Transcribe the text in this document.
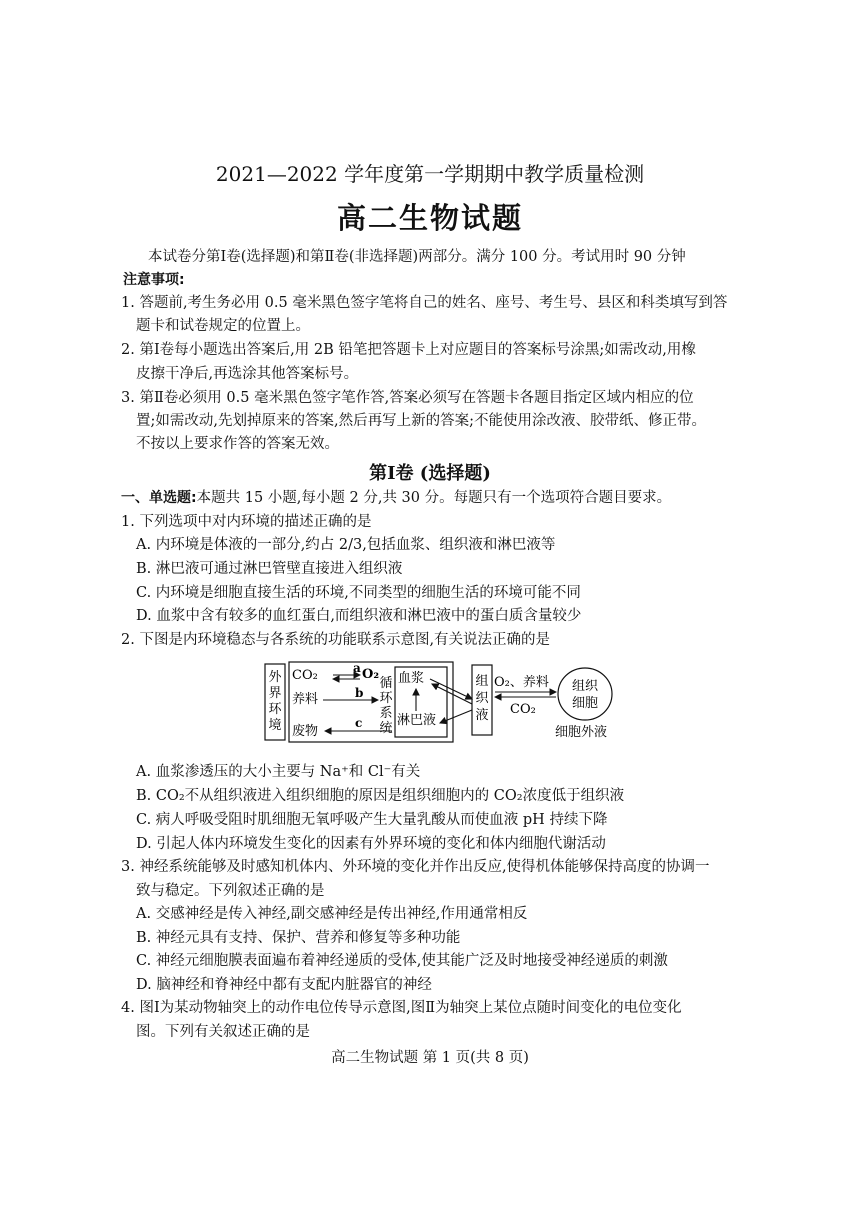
2021—2022 学年度第一学期期中教学质量检测
高二生物试题
本试卷分第Ⅰ卷(选择题)和第Ⅱ卷(非选择题)两部分。满分 100 分。考试用时 90 分钟
注意事项:
1. 答题前,考生务必用 0.5 毫米黑色签字笔将自己的姓名、座号、考生号、县区和科类填写到答
题卡和试卷规定的位置上。
2. 第Ⅰ卷每小题选出答案后,用 2B 铅笔把答题卡上对应题目的答案标号涂黑;如需改动,用橡
皮擦干净后,再选涂其他答案标号。
3. 第Ⅱ卷必须用 0.5 毫米黑色签字笔作答,答案必须写在答题卡各题目指定区域内相应的位
置;如需改动,先划掉原来的答案,然后再写上新的答案;不能使用涂改液、胶带纸、修正带。
不按以上要求作答的答案无效。
第Ⅰ卷 (选择题)
一、单选题:本题共 15 小题,每小题 2 分,共 30 分。每题只有一个选项符合题目要求。
1. 下列选项中对内环境的描述正确的是
A. 内环境是体液的一部分,约占 2/3,包括血浆、组织液和淋巴液等
B. 淋巴液可通过淋巴管壁直接进入组织液
C. 内环境是细胞直接生活的环境,不同类型的细胞生活的环境可能不同
D. 血浆中含有较多的血红蛋白,而组织液和淋巴液中的蛋白质含量较少
2. 下图是内环境稳态与各系统的功能联系示意图,有关说法正确的是
外
界
环
境
CO₂
养料
废物
a O₂
b
c
循
环
系
统
血浆
淋巴液
组
织
液
O₂、养料
CO₂
组织
细胞
细胞外液
A. 血浆渗透压的大小主要与 Na⁺和 Cl⁻有关
B. CO₂不从组织液进入组织细胞的原因是组织细胞内的 CO₂浓度低于组织液
C. 病人呼吸受阻时肌细胞无氧呼吸产生大量乳酸从而使血液 pH 持续下降
D. 引起人体内环境发生变化的因素有外界环境的变化和体内细胞代谢活动
3. 神经系统能够及时感知机体内、外环境的变化并作出反应,使得机体能够保持高度的协调一
致与稳定。下列叙述正确的是
A. 交感神经是传入神经,副交感神经是传出神经,作用通常相反
B. 神经元具有支持、保护、营养和修复等多种功能
C. 神经元细胞膜表面遍布着神经递质的受体,使其能广泛及时地接受神经递质的刺激
D. 脑神经和脊神经中都有支配内脏器官的神经
4. 图Ⅰ为某动物轴突上的动作电位传导示意图,图Ⅱ为轴突上某位点随时间变化的电位变化
图。下列有关叙述正确的是
高二生物试题 第 1 页(共 8 页)
